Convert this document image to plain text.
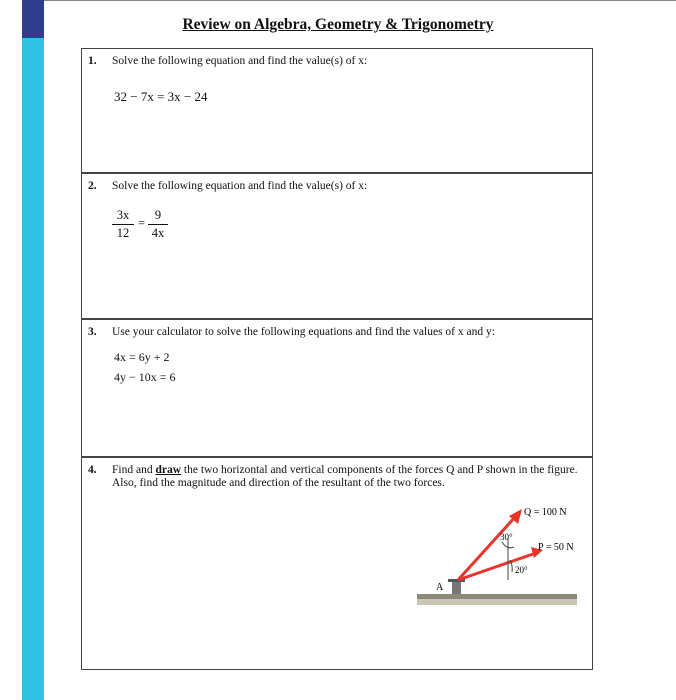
Review on Algebra, Geometry & Trigonometry
1. Solve the following equation and find the value(s) of x:
32 − 7x = 3x − 24
2. Solve the following equation and find the value(s) of x:
3x
12
=
9
4x
3. Use your calculator to solve the following equations and find the values of x and y:
4x = 6y + 2
4y − 10x = 6
4. Find and draw the two horizontal and vertical components of the forces Q and P shown in the figure. Also, find the magnitude and direction of the resultant of the two forces.
A
Q = 100 N
P = 50 N
30°
20°
